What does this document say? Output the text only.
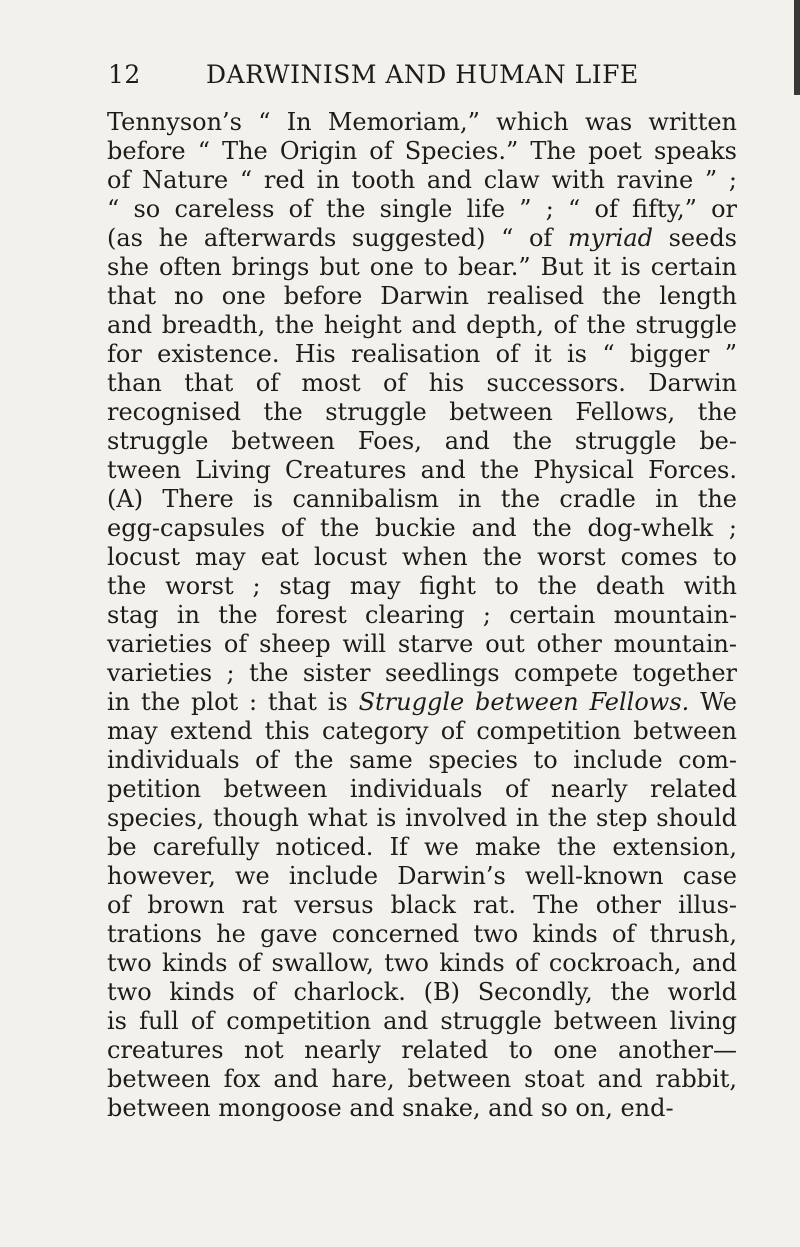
12	DARWINISM AND HUMAN LIFE
Tennyson’s “ In Memoriam,” which was written
before “ The Origin of Species.” The poet speaks
of Nature “ red in tooth and claw with ravine ” ;
“ so careless of the single life ” ; “ of fifty,” or
(as he afterwards suggested) “ of myriad seeds
she often brings but one to bear.” But it is certain
that no one before Darwin realised the length
and breadth, the height and depth, of the struggle
for existence. His realisation of it is “ bigger ”
than that of most of his successors. Darwin
recognised the struggle between Fellows, the
struggle between Foes, and the struggle be-
tween Living Creatures and the Physical Forces.
(A) There is cannibalism in the cradle in the
egg-capsules of the buckie and the dog-whelk ;
locust may eat locust when the worst comes to
the worst ; stag may fight to the death with
stag in the forest clearing ; certain mountain-
varieties of sheep will starve out other mountain-
varieties ; the sister seedlings compete together
in the plot : that is Struggle between Fellows. We
may extend this category of competition between
individuals of the same species to include com-
petition between individuals of nearly related
species, though what is involved in the step should
be carefully noticed. If we make the extension,
however, we include Darwin’s well-known case
of brown rat versus black rat. The other illus-
trations he gave concerned two kinds of thrush,
two kinds of swallow, two kinds of cockroach, and
two kinds of charlock. (B) Secondly, the world
is full of competition and struggle between living
creatures not nearly related to one another—
between fox and hare, between stoat and rabbit,
between mongoose and snake, and so on, end-
